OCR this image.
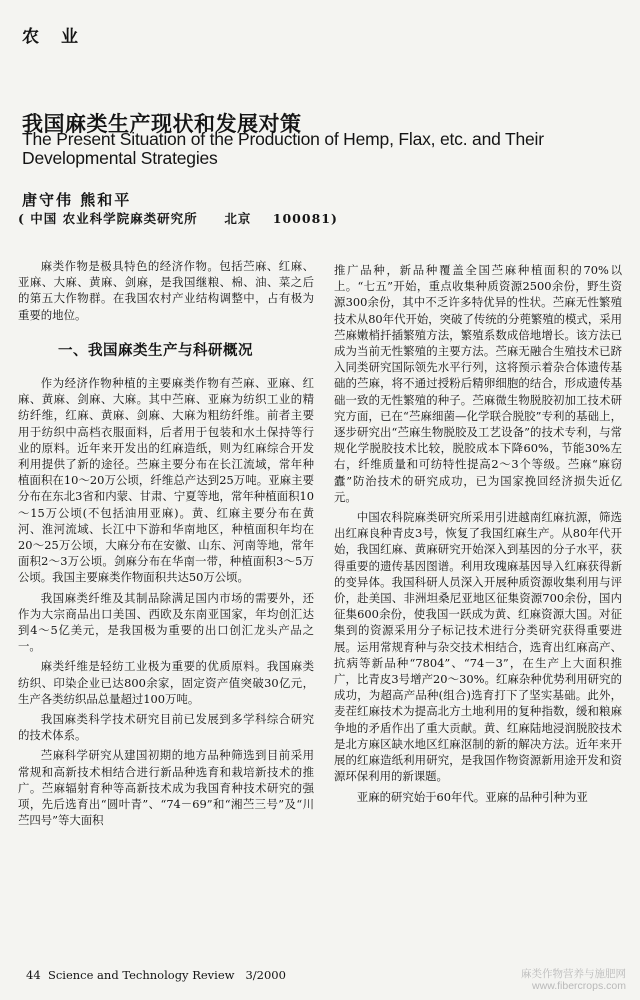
农业
我国麻类生产现状和发展对策
The Present Situation of the Production of Hemp, Flax, etc. and Their Developmental Strategies
唐守伟 熊和平
( 中国 农业科学院麻类研究所     北京    100081)

麻类作物是极具特色的经济作物。包括苎麻、红麻、亚麻、大麻、黄麻、剑麻，是我国继粮、棉、油、菜之后的第五大作物群。在我国农村产业结构调整中，占有极为重要的地位。

一、我国麻类生产与科研概况

作为经济作物种植的主要麻类作物有苎麻、亚麻、红麻、黄麻、剑麻、大麻。其中苎麻、亚麻为纺织工业的精纺纤维，红麻、黄麻、剑麻、大麻为粗纺纤维。前者主要用于纺织中高档衣服面料，后者用于包装和水土保持等行业的原料。近年来开发出的红麻造纸，则为红麻综合开发利用提供了新的途径。苎麻主要分布在长江流域，常年种植面积在10～20万公顷，纤维总产达到25万吨。亚麻主要分布在东北3省和内蒙、甘肃、宁夏等地，常年种植面积10～15万公顷(不包括油用亚麻)。黄、红麻主要分布在黄河、淮河流域、长江中下游和华南地区，种植面积年均在20～25万公顷，大麻分布在安徽、山东、河南等地，常年面积2～3万公顷。剑麻分布在华南一带，种植面积3～5万公顷。我国主要麻类作物面积共达50万公顷。

我国麻类纤维及其制品除满足国内市场的需要外，还作为大宗商品出口美国、西欧及东南亚国家，年均创汇达到4～5亿美元，是我国极为重要的出口创汇龙头产品之一。

麻类纤维是轻纺工业极为重要的优质原料。我国麻类纺织、印染企业已达800余家，固定资产值突破30亿元，生产各类纺织品总量超过100万吨。

我国麻类科学技术研究目前已发展到多学科综合研究的技术体系。

苎麻科学研究从建国初期的地方品种筛选到目前采用常规和高新技术相结合进行新品种选育和栽培新技术的推广。苎麻辐射育种等高新技术成为我国育种技术研究的强项，先后选育出“圆叶青”、“74－69”和“湘苎三号”及“川苎四号”等大面积

推广品种，新品种覆盖全国苎麻种植面积的70%以上。“七五”开始，重点收集种质资源2500余份，野生资源300余份，其中不乏许多特优异的性状。苎麻无性繁殖技术从80年代开始，突破了传统的分蔸繁殖的模式，采用苎麻嫩梢扦插繁殖方法，繁殖系数成倍地增长。该方法已成为当前无性繁殖的主要方法。苎麻无融合生殖技术已跻入同类研究国际领先水平行列，这将预示着杂合体遗传基础的苎麻，将不通过授粉后精卵细胞的结合，形成遗传基础一致的无性繁殖的种子。苎麻微生物脱胶初加工技术研究方面，已在“苎麻细菌—化学联合脱胶”专利的基础上，逐步研究出“苎麻生物脱胶及工艺设备”的技术专利，与常规化学脱胶技术比较，脱胶成本下降60%，节能30%左右，纤维质量和可纺特性提高2～3个等级。苎麻“麻窃蠹”防治技术的研究成功，已为国家挽回经济损失近亿元。

中国农科院麻类研究所采用引进越南红麻抗源，筛选出红麻良种青皮3号，恢复了我国红麻生产。从80年代开始，我国红麻、黄麻研究开始深入到基因的分子水平，获得重要的遗传基因图谱。利用玫瑰麻基因导入红麻获得新的变异体。我国科研人员深入开展种质资源收集利用与评价，赴美国、非洲坦桑尼亚地区征集资源700余份，国内征集600余份，使我国一跃成为黄、红麻资源大国。对征集到的资源采用分子标记技术进行分类研究获得重要进展。运用常规育种与杂交技术相结合，选育出红麻高产、抗病等新品种“7804”、“74－3”，在生产上大面积推广，比青皮3号增产20～30%。红麻杂种优势利用研究的成功，为超高产品种(组合)选育打下了坚实基础。此外，麦茬红麻技术为提高北方土地利用的复种指数，缓和粮麻争地的矛盾作出了重大贡献。黄、红麻陆地浸润脱胶技术是北方麻区缺水地区红麻沤制的新的解决方法。近年来开展的红麻造纸利用研究，是我国作物资源新用途开发和资源环保利用的新课题。

亚麻的研究始于60年代。亚麻的品种引种为亚

44  Science and Technology Review   3/2000	麻类作物营养与施肥网
www.fibercrops.com
